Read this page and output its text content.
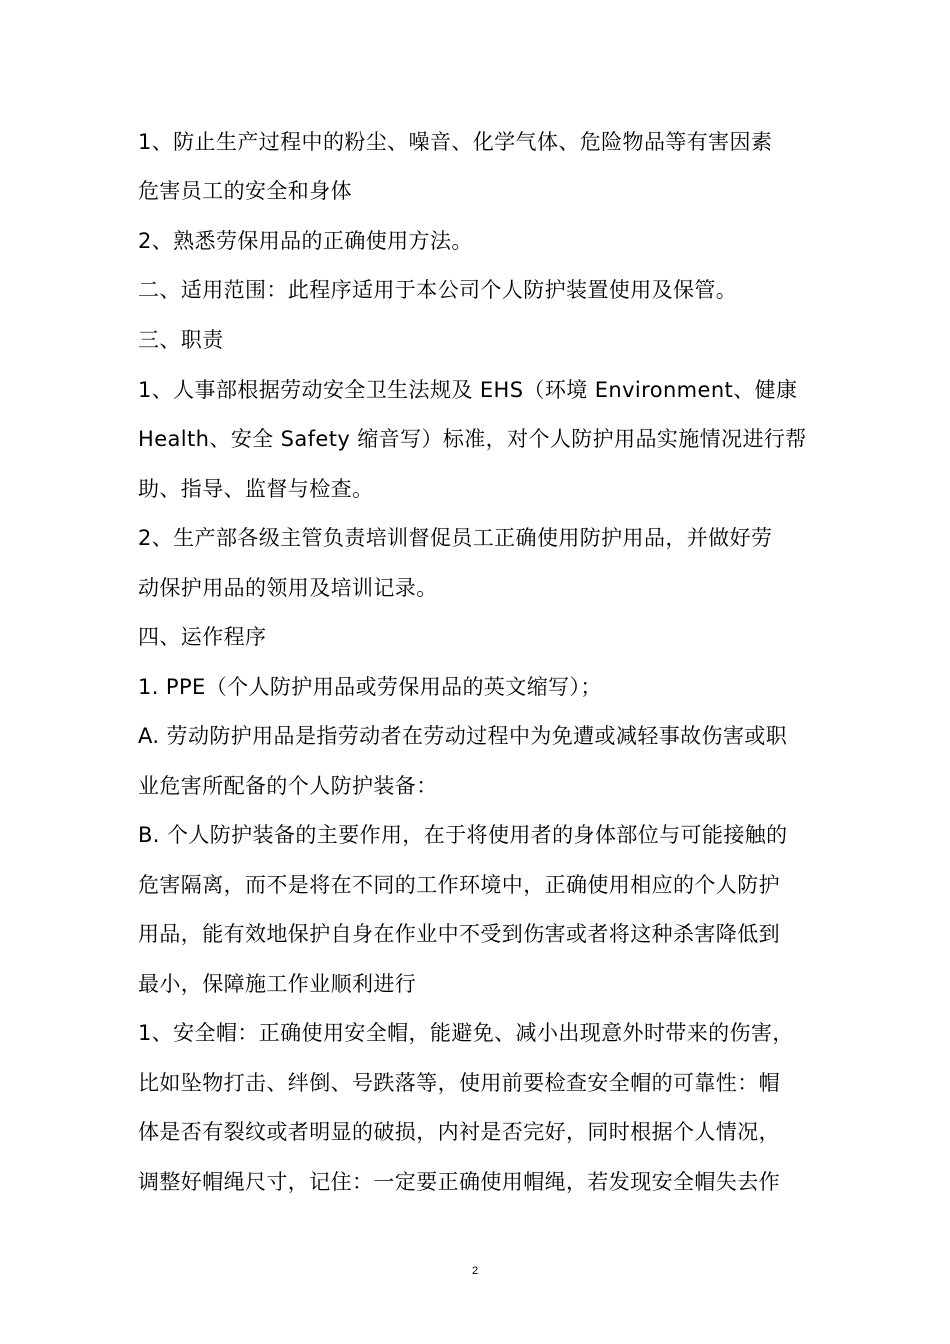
1、防止生产过程中的粉尘、噪音、化学气体、危险物品等有害因素
危害员工的安全和身体
2、熟悉劳保用品的正确使用方法。
二、适用范围：此程序适用于本公司个人防护装置使用及保管。
三、职责
1、人事部根据劳动安全卫生法规及 EHS（环境 Environment、健康
Health、安全 Safety 缩音写）标准，对个人防护用品实施情况进行帮
助、指导、监督与检查。
2、生产部各级主管负责培训督促员工正确使用防护用品，并做好劳
动保护用品的领用及培训记录。
四、运作程序
1. PPE（个人防护用品或劳保用品的英文缩写）；
A. 劳动防护用品是指劳动者在劳动过程中为免遭或减轻事故伤害或职
业危害所配备的个人防护装备：
B. 个人防护装备的主要作用，在于将使用者的身体部位与可能接触的
危害隔离，而不是将在不同的工作环境中，正确使用相应的个人防护
用品，能有效地保护自身在作业中不受到伤害或者将这种杀害降低到
最小，保障施工作业顺利进行
1、安全帽：正确使用安全帽，能避免、减小出现意外时带来的伤害，
比如坠物打击、绊倒、号跌落等，使用前要检查安全帽的可靠性：帽
体是否有裂纹或者明显的破损，内衬是否完好，同时根据个人情况，
调整好帽绳尺寸，记住：一定要正确使用帽绳，若发现安全帽失去作
2
